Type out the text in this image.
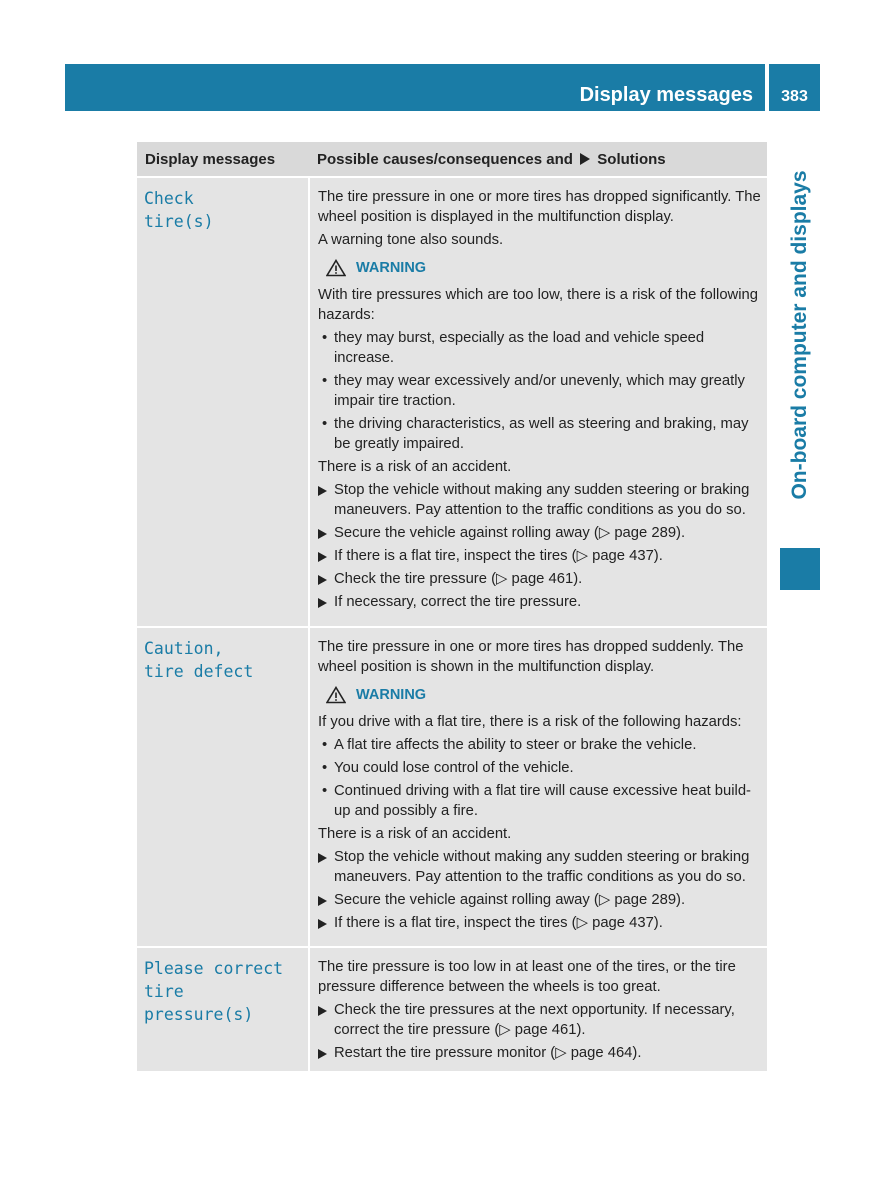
Display messages	383
On-board computer and displays
Display messages	Possible causes/consequences and Solutions
Check
tire(s)

The tire pressure in one or more tires has dropped significantly. The wheel position is displayed in the multifunction display.

A warning tone also sounds.

WARNING

With tire pressures which are too low, there is a risk of the following hazards:

• they may burst, especially as the load and vehicle speed increase.
• they may wear excessively and/or unevenly, which may greatly impair tire traction.
• the driving characteristics, as well as steering and braking, may be greatly impaired.

There is a risk of an accident.

Stop the vehicle without making any sudden steering or braking maneuvers. Pay attention to the traffic conditions as you do so.
Secure the vehicle against rolling away (▷ page 289).
If there is a flat tire, inspect the tires (▷ page 437).
Check the tire pressure (▷ page 461).
If necessary, correct the tire pressure.
Caution,
tire defect

The tire pressure in one or more tires has dropped suddenly. The wheel position is shown in the multifunction display.

WARNING

If you drive with a flat tire, there is a risk of the following hazards:

• A flat tire affects the ability to steer or brake the vehicle.
• You could lose control of the vehicle.
• Continued driving with a flat tire will cause excessive heat build-up and possibly a fire.

There is a risk of an accident.

Stop the vehicle without making any sudden steering or braking maneuvers. Pay attention to the traffic conditions as you do so.
Secure the vehicle against rolling away (▷ page 289).
If there is a flat tire, inspect the tires (▷ page 437).
Please correct
tire pressure(s)

The tire pressure is too low in at least one of the tires, or the tire pressure difference between the wheels is too great.

Check the tire pressures at the next opportunity. If necessary, correct the tire pressure (▷ page 461).
Restart the tire pressure monitor (▷ page 464).
